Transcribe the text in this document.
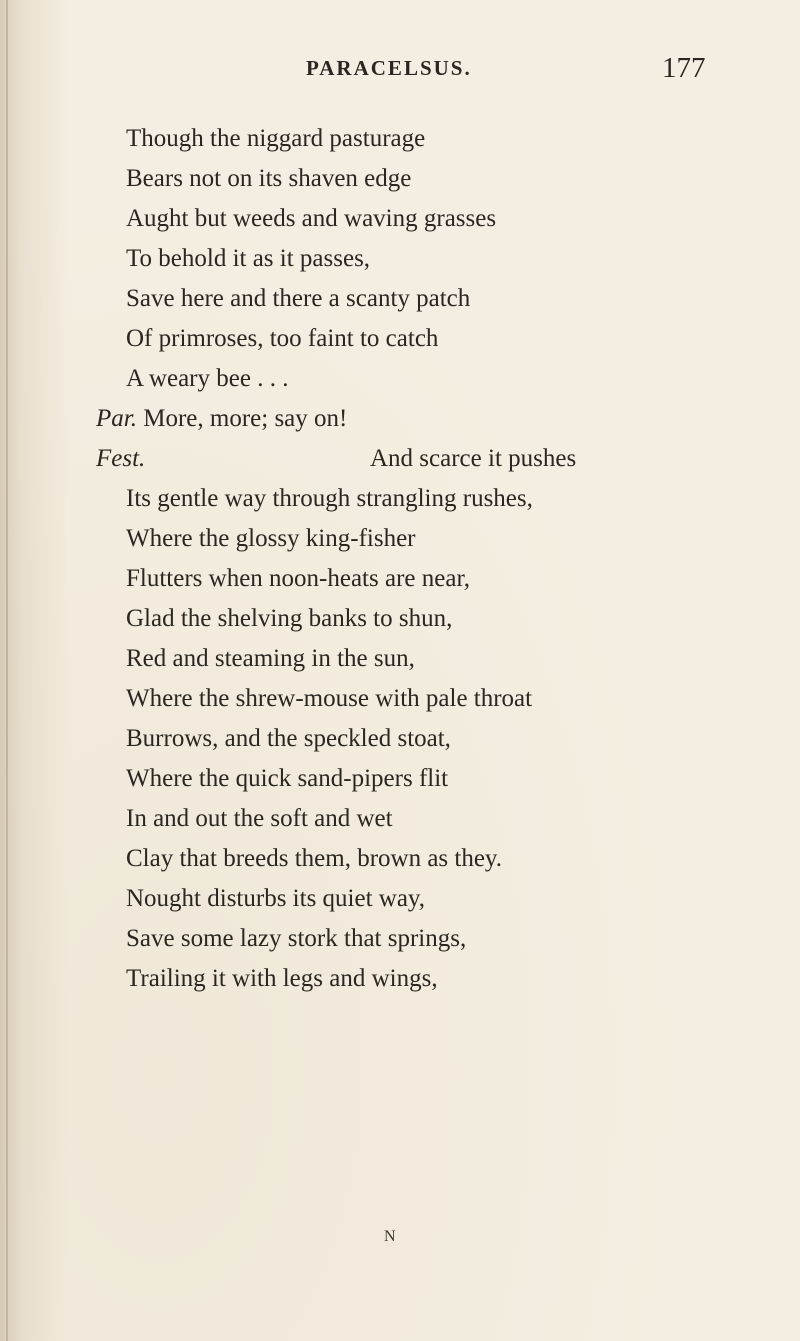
PARACELSUS.	177
Though the niggard pasturage
Bears not on its shaven edge
Aught but weeds and waving grasses
To behold it as it passes,
Save here and there a scanty patch
Of primroses, too faint to catch
A weary bee . . .
Par. More, more; say on!
Fest.	And scarce it pushes
Its gentle way through strangling rushes,
Where the glossy king-fisher
Flutters when noon-heats are near,
Glad the shelving banks to shun,
Red and steaming in the sun,
Where the shrew-mouse with pale throat
Burrows, and the speckled stoat,
Where the quick sand-pipers flit
In and out the soft and wet
Clay that breeds them, brown as they.
Nought disturbs its quiet way,
Save some lazy stork that springs,
Trailing it with legs and wings,
N
